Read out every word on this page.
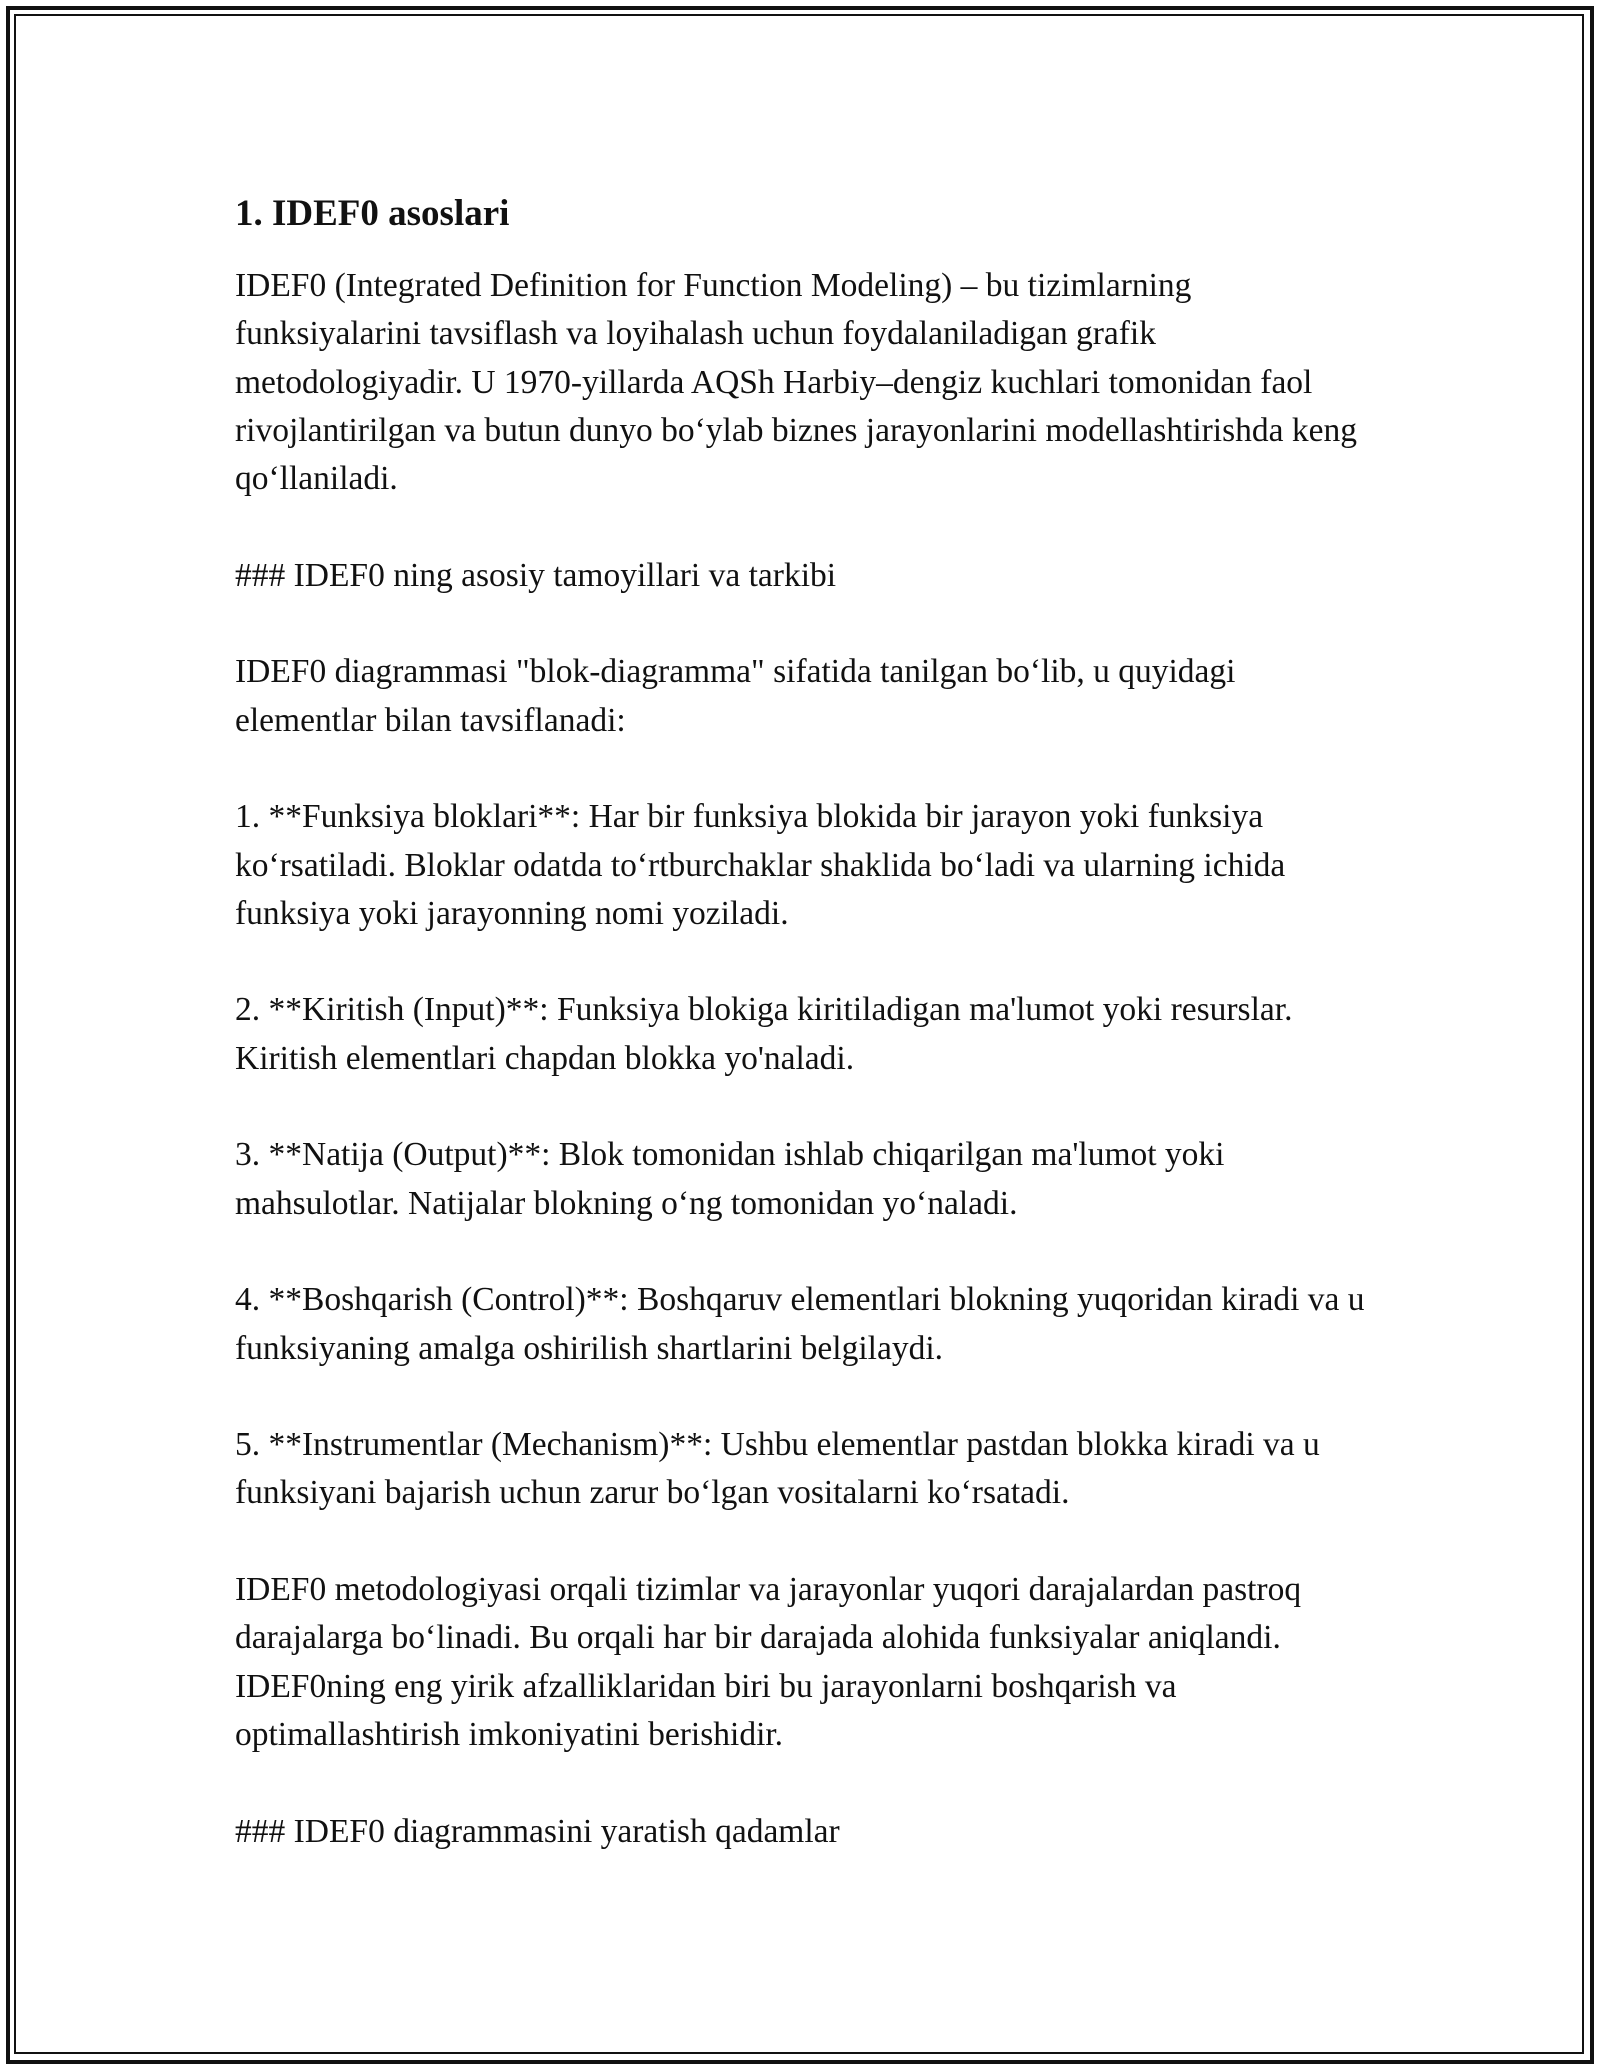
1. IDEF0 asoslari

IDEF0 (Integrated Definition for Function Modeling) – bu tizimlarning funksiyalarini tavsiflash va loyihalash uchun foydalaniladigan grafik metodologiyadir. U 1970-yillarda AQSh Harbiy–dengiz kuchlari tomonidan faol rivojlantirilgan va butun dunyo bo‘ylab biznes jarayonlarini modellashtirishda keng qo‘llaniladi.

### IDEF0 ning asosiy tamoyillari va tarkibi

IDEF0 diagrammasi "blok-diagramma" sifatida tanilgan bo‘lib, u quyidagi elementlar bilan tavsiflanadi:

1. **Funksiya bloklari**: Har bir funksiya blokida bir jarayon yoki funksiya ko‘rsatiladi. Bloklar odatda to‘rtburchaklar shaklida bo‘ladi va ularning ichida funksiya yoki jarayonning nomi yoziladi.

2. **Kiritish (Input)**: Funksiya blokiga kiritiladigan ma'lumot yoki resurslar. Kiritish elementlari chapdan blokka yo'naladi.

3. **Natija (Output)**: Blok tomonidan ishlab chiqarilgan ma'lumot yoki mahsulotlar. Natijalar blokning o‘ng tomonidan yo‘naladi.

4. **Boshqarish (Control)**: Boshqaruv elementlari blokning yuqoridan kiradi va u funksiyaning amalga oshirilish shartlarini belgilaydi.

5. **Instrumentlar (Mechanism)**: Ushbu elementlar pastdan blokka kiradi va u funksiyani bajarish uchun zarur bo‘lgan vositalarni ko‘rsatadi.

IDEF0 metodologiyasi orqali tizimlar va jarayonlar yuqori darajalardan pastroq darajalarga bo‘linadi. Bu orqali har bir darajada alohida funksiyalar aniqlandi. IDEF0ning eng yirik afzalliklaridan biri bu jarayonlarni boshqarish va optimallashtirish imkoniyatini berishidir.

### IDEF0 diagrammasini yaratish qadamlar
